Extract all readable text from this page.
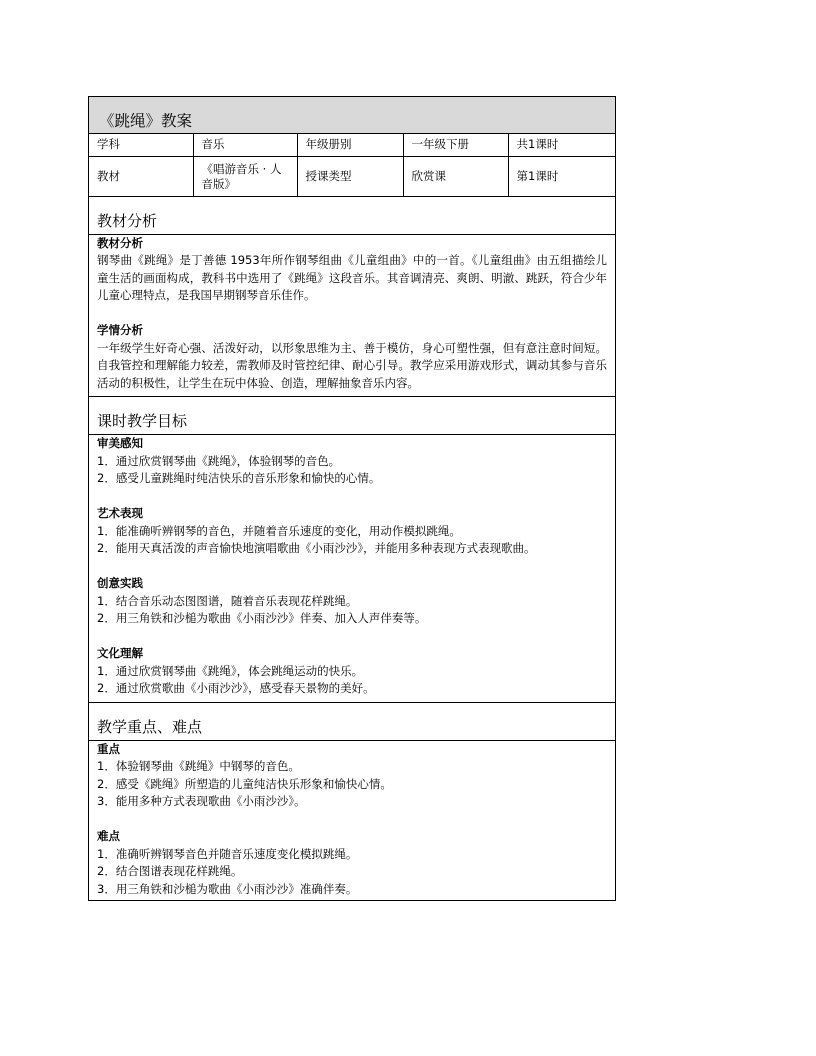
《跳绳》教案
学科	音乐	年级册别	一年级下册	共1课时
教材	《唱游音乐 · 人音版》	授课类型	欣赏课	第1课时
教材分析
教材分析
钢琴曲《跳绳》是丁善德 1953年所作钢琴组曲《儿童组曲》中的一首。《儿童组曲》由五组描绘儿童生活的画面构成，教科书中选用了《跳绳》这段音乐。其音调清亮、爽朗、明澈、跳跃，符合少年儿童心理特点，是我国早期钢琴音乐佳作。
学情分析
一年级学生好奇心强、活泼好动，以形象思维为主、善于模仿，身心可塑性强，但有意注意时间短。自我管控和理解能力较差，需教师及时管控纪律、耐心引导。教学应采用游戏形式，调动其参与音乐活动的积极性，让学生在玩中体验、创造，理解抽象音乐内容。
课时教学目标
审美感知
1．通过欣赏钢琴曲《跳绳》，体验钢琴的音色。
2．感受儿童跳绳时纯洁快乐的音乐形象和愉快的心情。
艺术表现
1．能准确听辨钢琴的音色，并随着音乐速度的变化，用动作模拟跳绳。
2．能用天真活泼的声音愉快地演唱歌曲《小雨沙沙》，并能用多种表现方式表现歌曲。
创意实践
1．结合音乐动态图图谱，随着音乐表现花样跳绳。
2．用三角铁和沙槌为歌曲《小雨沙沙》伴奏、加入人声伴奏等。
文化理解
1．通过欣赏钢琴曲《跳绳》，体会跳绳运动的快乐。
2．通过欣赏歌曲《小雨沙沙》，感受春天景物的美好。
教学重点、难点
重点
1．体验钢琴曲《跳绳》中钢琴的音色。
2．感受《跳绳》所塑造的儿童纯洁快乐形象和愉快心情。
3．能用多种方式表现歌曲《小雨沙沙》。
难点
1．准确听辨钢琴音色并随音乐速度变化模拟跳绳。
2．结合图谱表现花样跳绳。
3．用三角铁和沙槌为歌曲《小雨沙沙》准确伴奏。
